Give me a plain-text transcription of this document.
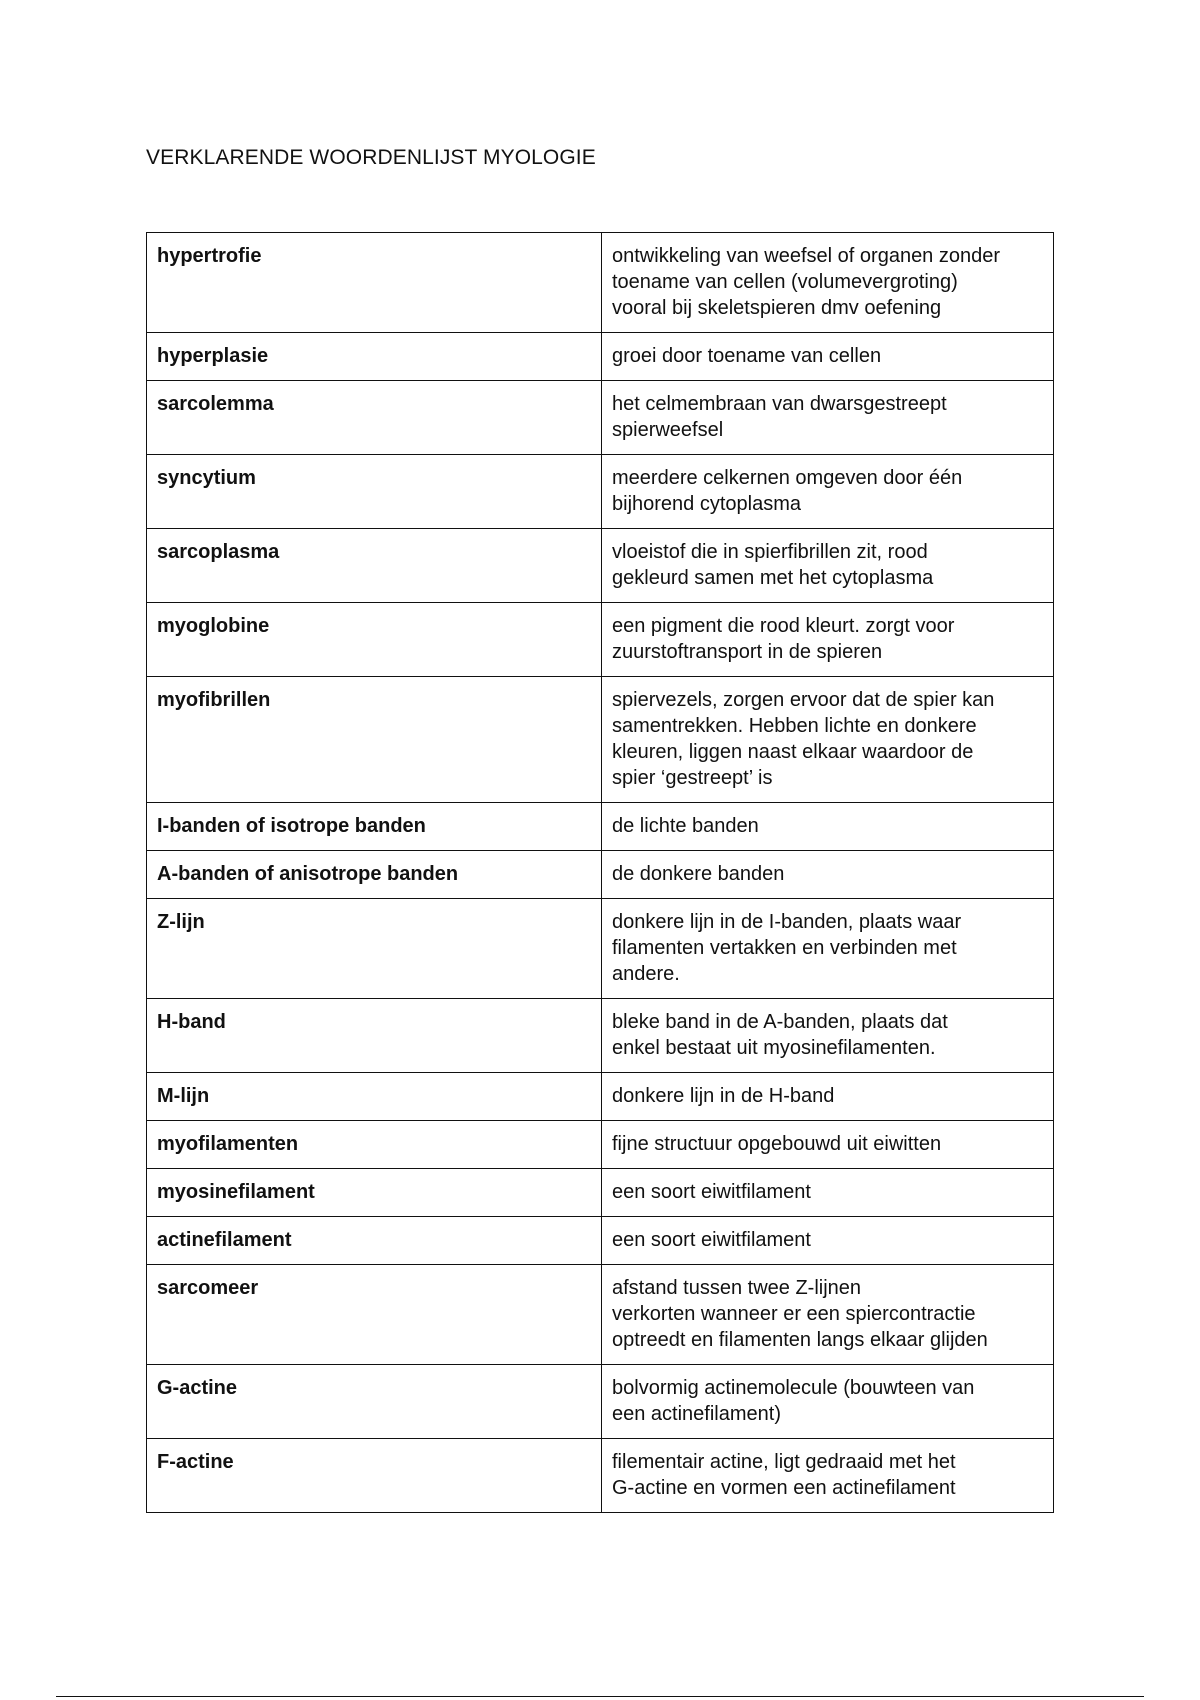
VERKLARENDE WOORDENLIJST MYOLOGIE
hypertrofie	ontwikkeling van weefsel of organen zonder
toename van cellen (volumevergroting)
vooral bij skeletspieren dmv oefening
hyperplasie	groei door toename van cellen
sarcolemma	het celmembraan van dwarsgestreept
spierweefsel
syncytium	meerdere celkernen omgeven door één
bijhorend cytoplasma
sarcoplasma	vloeistof die in spierfibrillen zit, rood
gekleurd samen met het cytoplasma
myoglobine	een pigment die rood kleurt. zorgt voor
zuurstoftransport in de spieren
myofibrillen	spiervezels, zorgen ervoor dat de spier kan
samentrekken. Hebben lichte en donkere
kleuren, liggen naast elkaar waardoor de
spier ‘gestreept’ is
I-banden of isotrope banden	de lichte banden
A-banden of anisotrope banden	de donkere banden
Z-lijn	donkere lijn in de I-banden, plaats waar
filamenten vertakken en verbinden met
andere.
H-band	bleke band in de A-banden, plaats dat
enkel bestaat uit myosinefilamenten.
M-lijn	donkere lijn in de H-band
myofilamenten	fijne structuur opgebouwd uit eiwitten
myosinefilament	een soort eiwitfilament
actinefilament	een soort eiwitfilament
sarcomeer	afstand tussen twee Z-lijnen
verkorten wanneer er een spiercontractie
optreedt en filamenten langs elkaar glijden
G-actine	bolvormig actinemolecule (bouwteen van
een actinefilament)
F-actine	filementair actine, ligt gedraaid met het
G-actine en vormen een actinefilament
